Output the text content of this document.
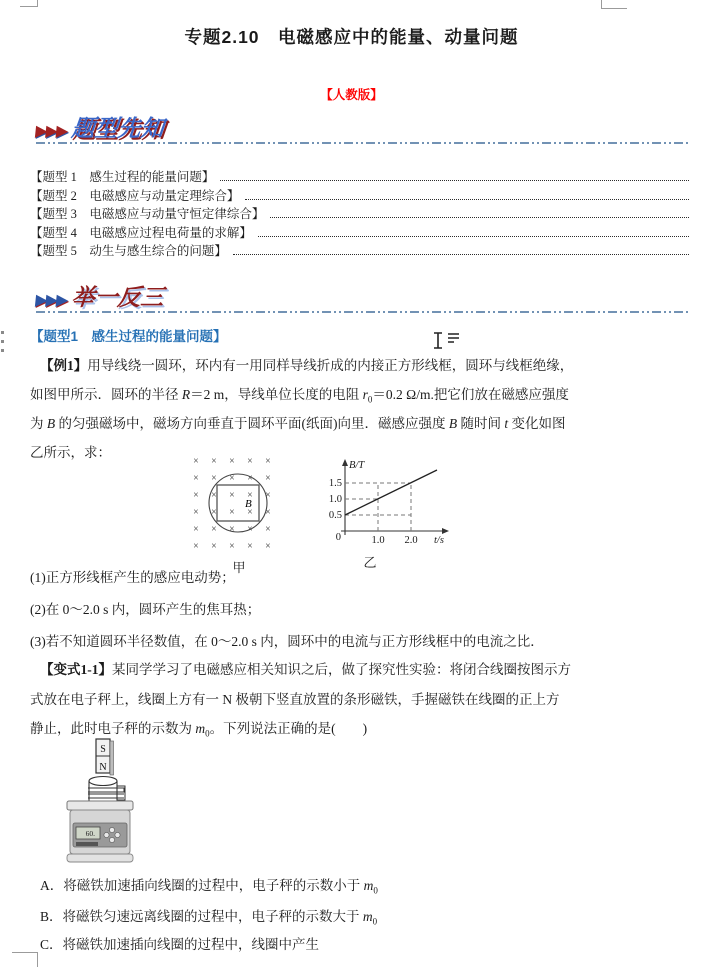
专题2.10　电磁感应中的能量、动量问题
【人教版】
▶▶▶ 题型先知
【题型 1　感生过程的能量问题】
【题型 2　电磁感应与动量定理综合】
【题型 3　电磁感应与动量守恒定律综合】
【题型 4　电磁感应过程电荷量的求解】
【题型 5　动生与感生综合的问题】
▶▶▶ 举一反三
【题型1　感生过程的能量问题】
【例1】用导线绕一圆环，环内有一用同样导线折成的内接正方形线框，圆环与线框绝缘，
如图甲所示．圆环的半径 R＝2 m，导线单位长度的电阻 $r_0=0.2$ Ω/m.把它们放在磁感应强度
为 B 的匀强磁场中，磁场方向垂直于圆环平面(纸面)向里．磁感应强度 B 随时间 t 变化如图
乙所示，求：
× × × × ×
× × × × ×
× × × × ×
× × × × ×
× × × × ×
× × × × ×
B
甲
1.5
1.0
0.5
0	1.0 2.0
B/T
t/s
乙
(1)正方形线框产生的感应电动势；
(2)在 0～2.0 s 内，圆环产生的焦耳热；
(3)若不知道圆环半径数值，在 0～2.0 s 内，圆环中的电流与正方形线框中的电流之比．
【变式1-1】某同学学习了电磁感应相关知识之后，做了探究性实验：将闭合线圈按图示方
式放在电子秤上，线圈上方有一 N 极朝下竖直放置的条形磁铁，手握磁铁在线圈的正上方
静止，此时电子秤的示数为 $m_0$。下列说法正确的是(　　)
S
N
60.
A．将磁铁加速插向线圈的过程中，电子秤的示数小于 $m_0$
B．将磁铁匀速远离线圈的过程中，电子秤的示数大于 $m_0$
C．将磁铁加速插向线圈的过程中，线圈中产生
